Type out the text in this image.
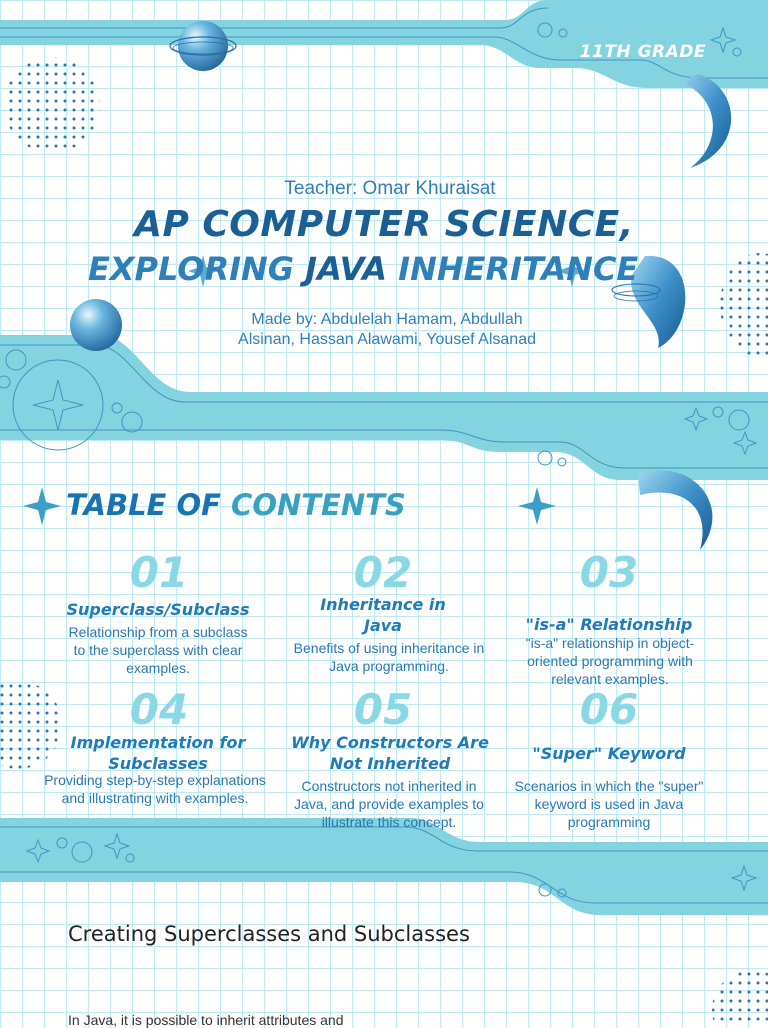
11TH GRADE
Teacher: Omar Khuraisat
AP COMPUTER SCIENCE,
EXPLORING JAVA INHERITANCE
Made by: Abdulelah Hamam, Abdullah Alsinan, Hassan Alawami, Yousef Alsanad
TABLE OF CONTENTS
01
Superclass/Subclass
Relationship from a subclass to the superclass with clear examples.
02
Inheritance in Java
Benefits of using inheritance in Java programming.
03
"is-a" Relationship
"is-a" relationship in object-oriented programming with relevant examples.
04
Implementation for Subclasses
Providing step-by-step explanations and illustrating with examples.
05
Why Constructors Are Not Inherited
Constructors not inherited in Java, and provide examples to illustrate this concept.
06
"Super" Keyword
Scenarios in which the "super" keyword is used in Java programming
Creating Superclasses and Subclasses
In Java, it is possible to inherit attributes and
